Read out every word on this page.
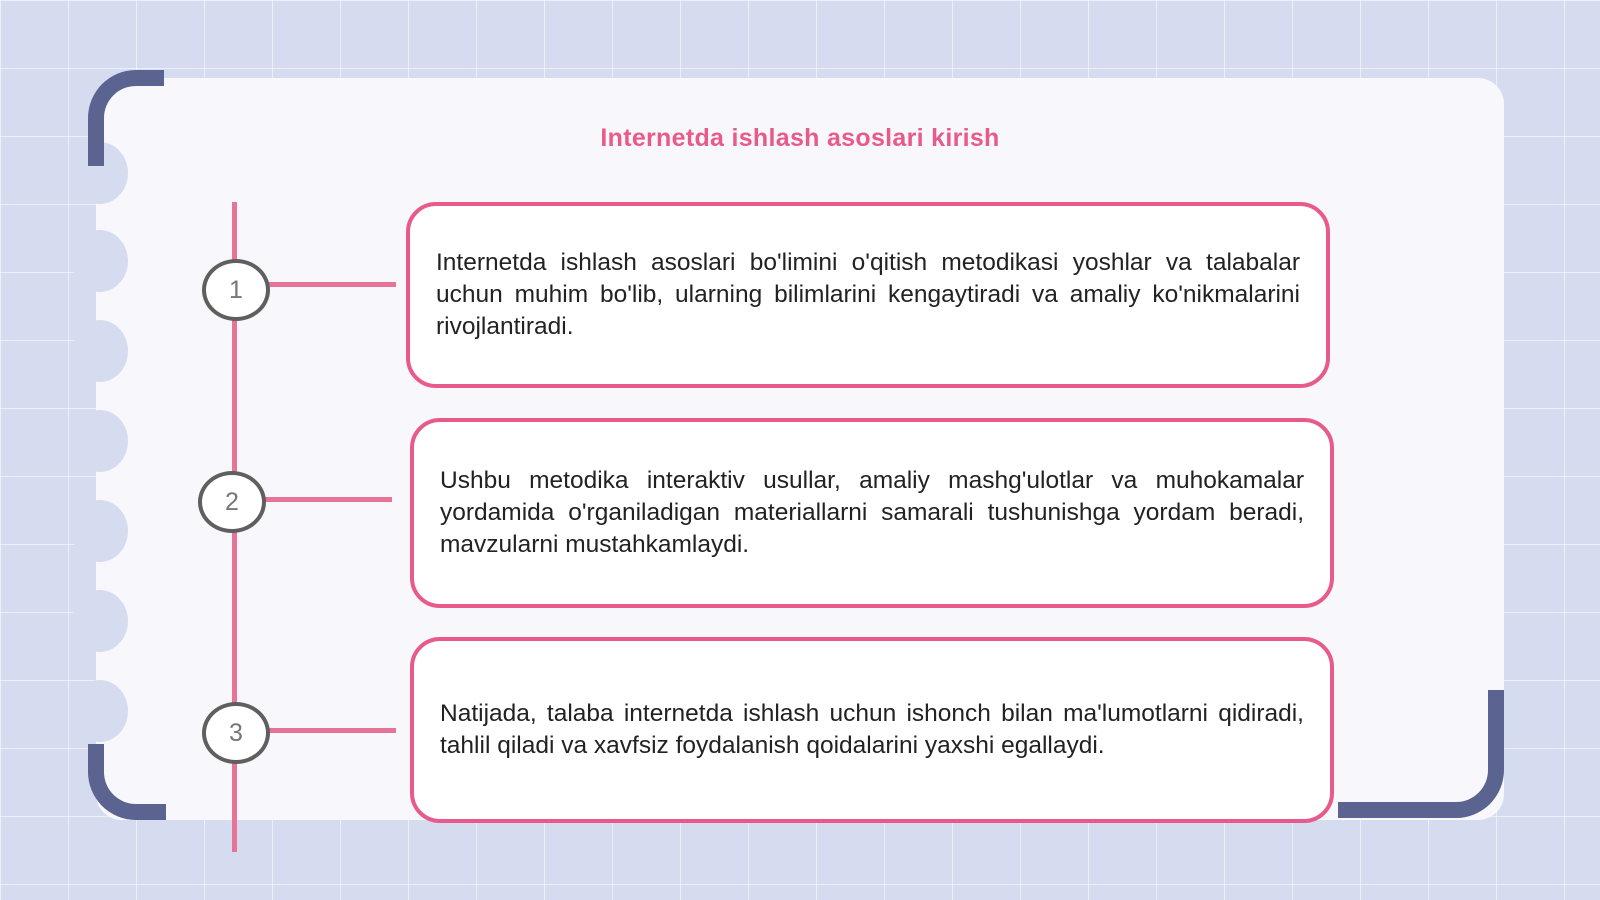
Internetda ishlash asoslari kirish
1
2
3

Internetda ishlash asoslari bo'limini o'qitish metodikasi yoshlar va talabalar uchun muhim bo'lib, ularning bilimlarini kengaytiradi va amaliy ko'nikmalarini rivojlantiradi.

Ushbu metodika interaktiv usullar, amaliy mashg'ulotlar va muhokamalar yordamida o'rganiladigan materiallarni samarali tushunishga yordam beradi, mavzularni mustahkamlaydi.

Natijada, talaba internetda ishlash uchun ishonch bilan ma'lumotlarni qidiradi, tahlil qiladi va xavfsiz foydalanish qoidalarini yaxshi egallaydi.
